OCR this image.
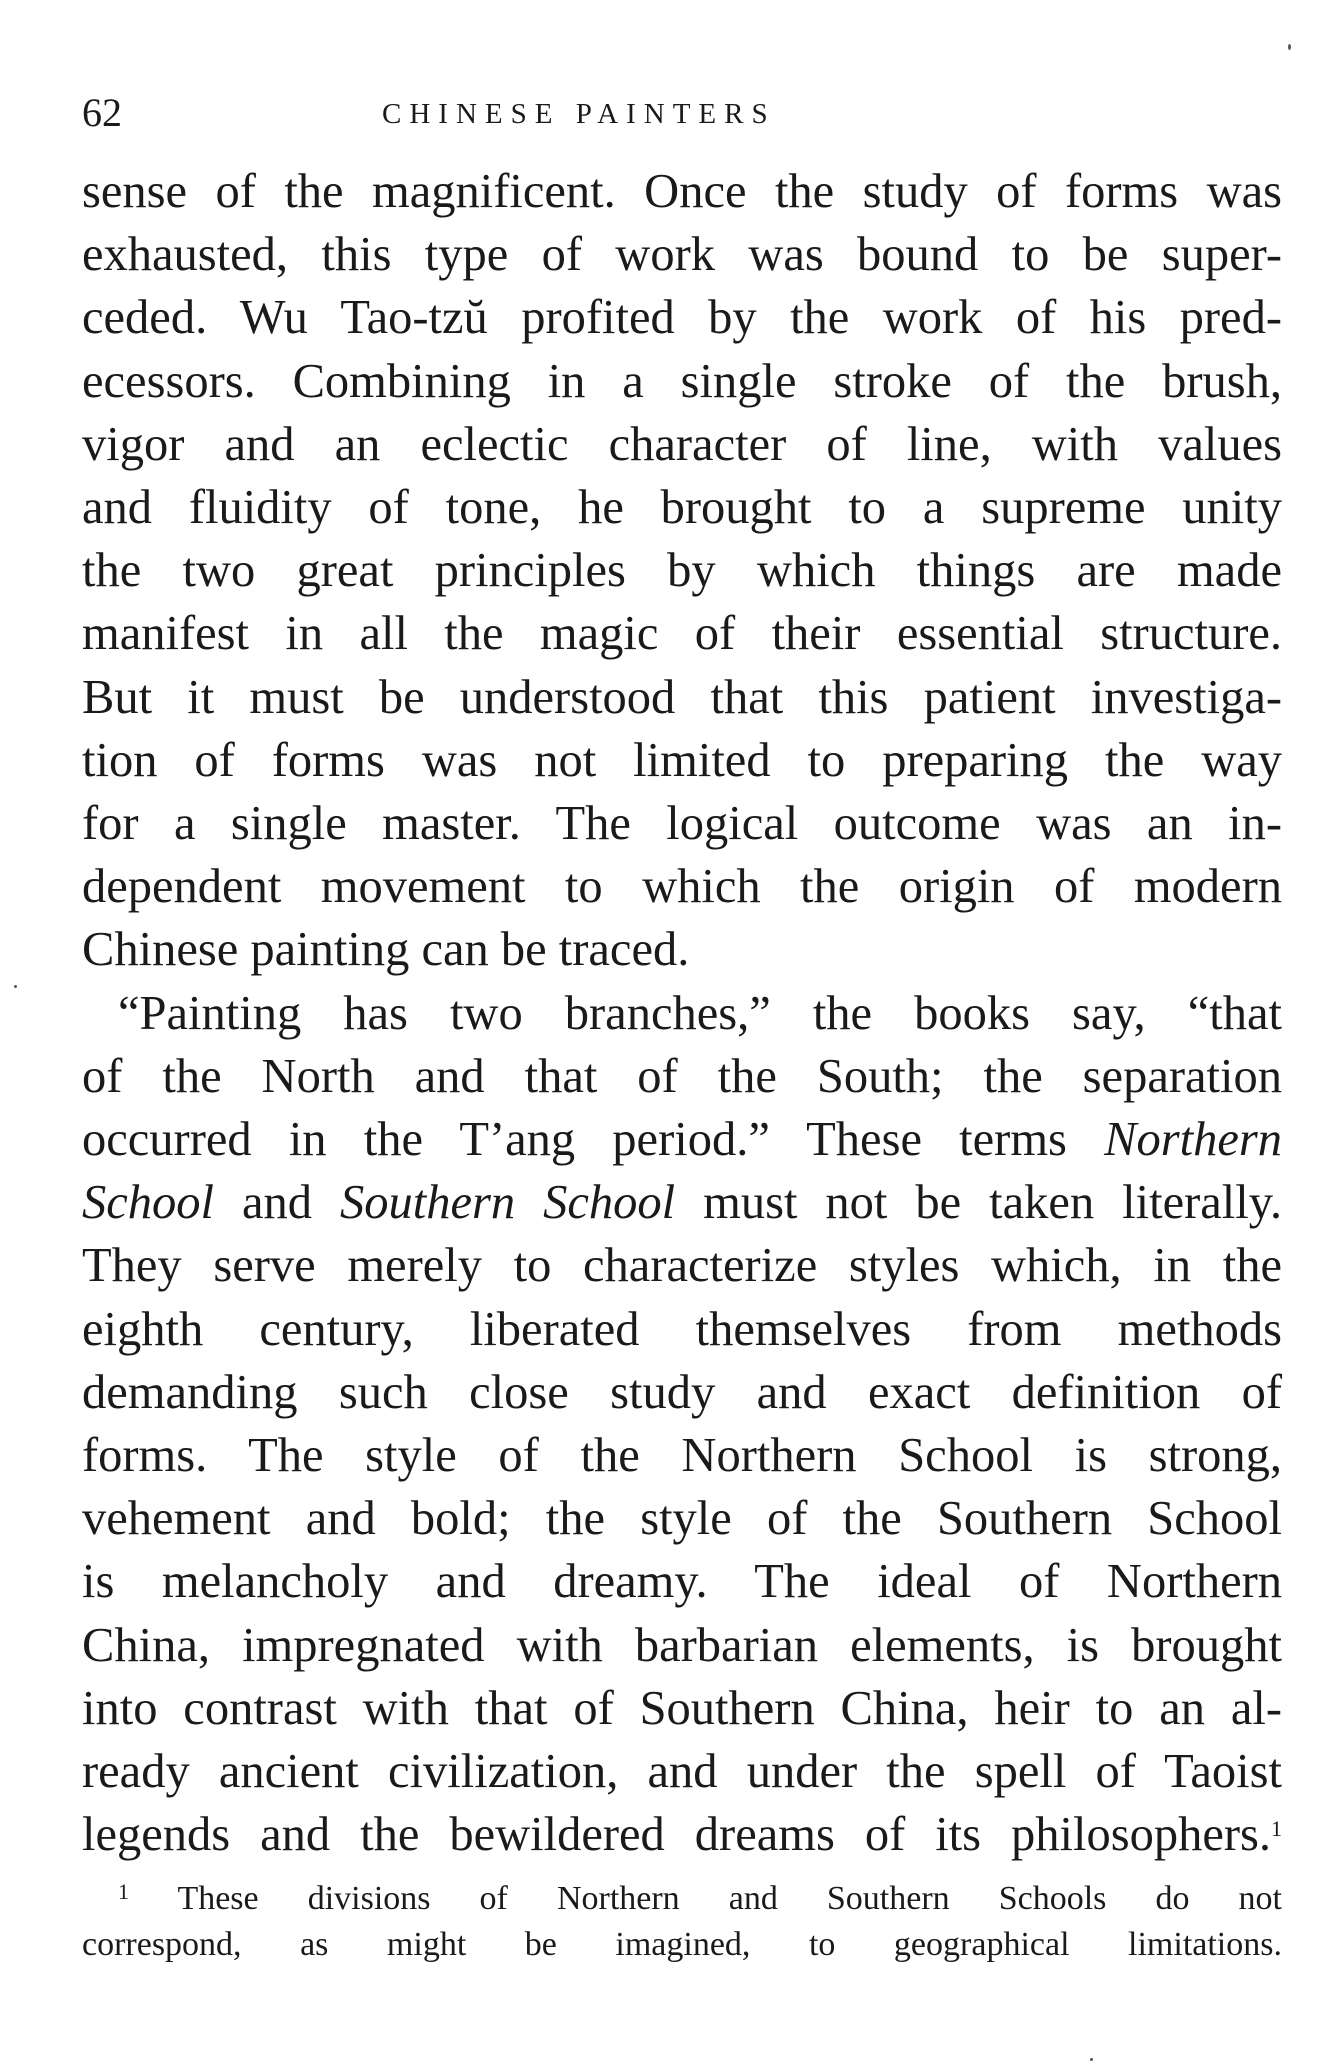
62	CHINESE PAINTERS
sense of the magnificent. Once the study of forms was
exhausted, this type of work was bound to be super-
ceded. Wu Tao-tzŭ profited by the work of his pred-
ecessors. Combining in a single stroke of the brush,
vigor and an eclectic character of line, with values
and fluidity of tone, he brought to a supreme unity
the two great principles by which things are made
manifest in all the magic of their essential structure.
But it must be understood that this patient investiga-
tion of forms was not limited to preparing the way
for a single master. The logical outcome was an in-
dependent movement to which the origin of modern
Chinese painting can be traced.
“Painting has two branches,” the books say, “that
of the North and that of the South; the separation
occurred in the T’ang period.” These terms Northern
School and Southern School must not be taken literally.
They serve merely to characterize styles which, in the
eighth century, liberated themselves from methods
demanding such close study and exact definition of
forms. The style of the Northern School is strong,
vehement and bold; the style of the Southern School
is melancholy and dreamy. The ideal of Northern
China, impregnated with barbarian elements, is brought
into contrast with that of Southern China, heir to an al-
ready ancient civilization, and under the spell of Taoist
legends and the bewildered dreams of its philosophers.$^1$
$^1$ These divisions of Northern and Southern Schools do not
correspond, as might be imagined, to geographical limitations.
